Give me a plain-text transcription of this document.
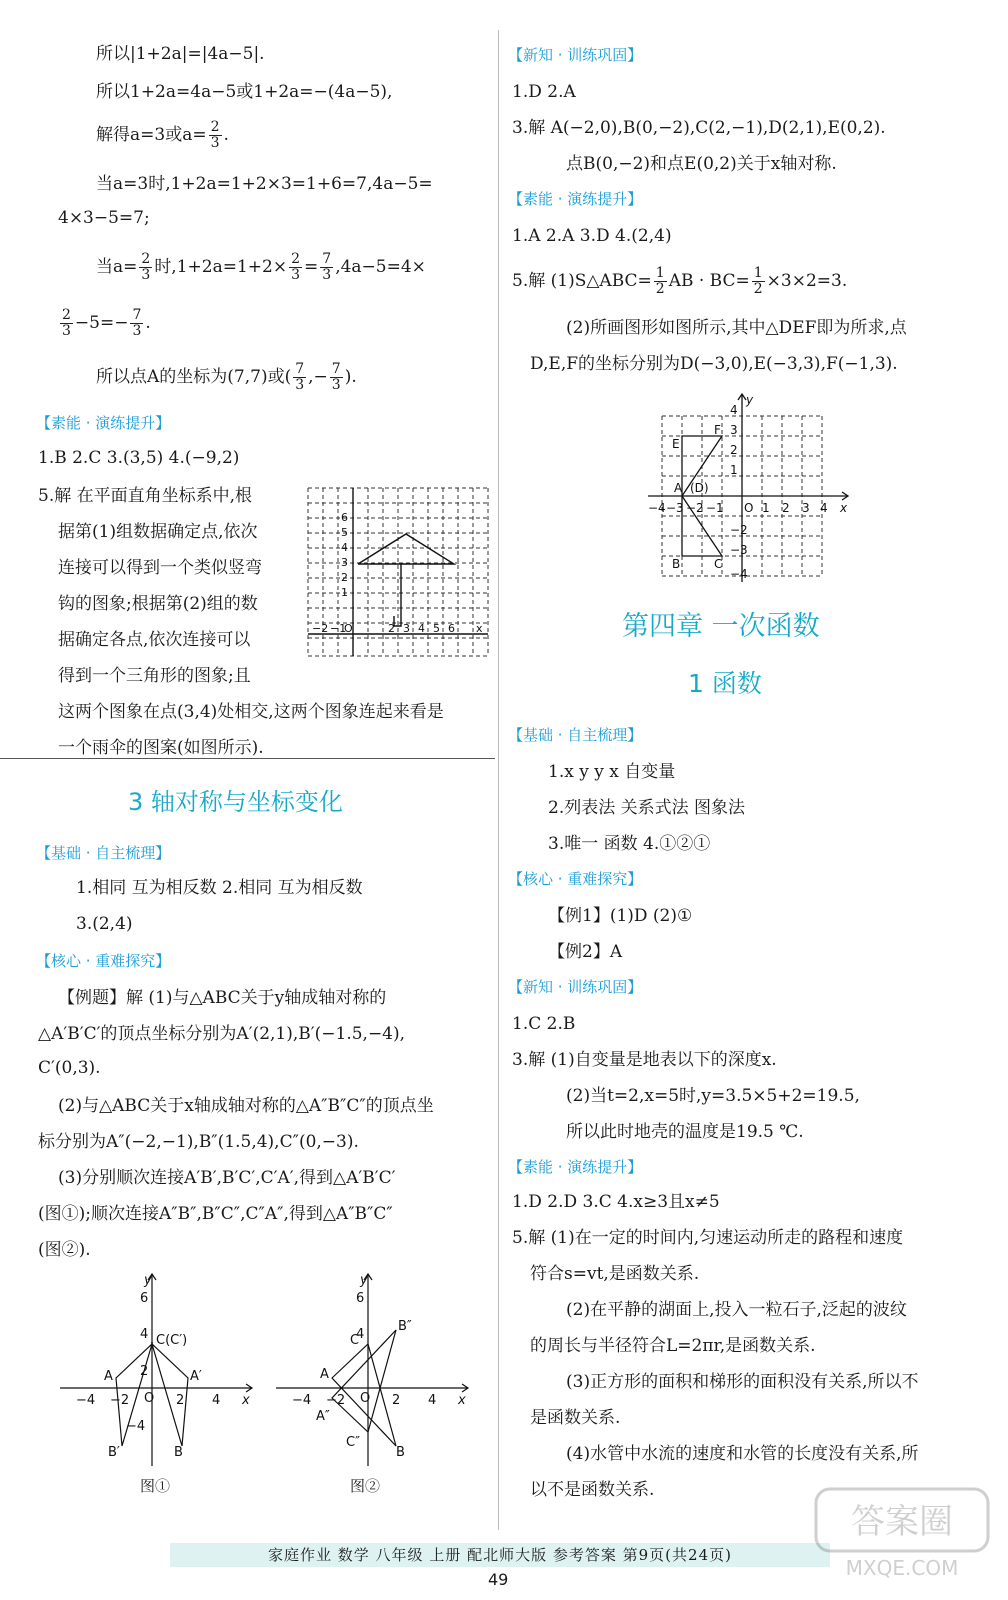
所以|1+2a|=|4a−5|.
所以1+2a=4a−5或1+2a=−(4a−5),
解得a=3或$a= \frac{2}{3}$ .
当a=3时,1+2a=1+2×3=1+6=7,4a−5=
4×3−5=7;
当$a= \frac{2}{3}$ 时$,1+2a=1+2\times \frac{2}{3} = \frac{7}{3} ,4a-5=4\times$
$\frac{2}{3} -5=- \frac{7}{3}$ .
所以点A的坐标为(7,7)或( $\frac{7}{3}$ ,− $\frac{7}{3}$ ).
【素能 · 演练提升】
1.B 2.C 3.(3,5) 4.(−9,2)
5.解 在平面直角坐标系中,根
据第(1)组数据确定点,依次
连接可以得到一个类似竖弯
钩的图象;根据第(2)组的数
据确定各点,依次连接可以
得到一个三角形的图象;且
这两个图象在点(3,4)处相交,这两个图象连起来看是
一个雨伞的图案(如图所示).
6
5
4
3
2
1
−2 −1
O	2 3 4 5 6 x
3 轴对称与坐标变化
【基础 · 自主梳理】
1.相同 互为相反数 2.相同 互为相反数
3.(2,4)
【核心 · 重难探究】
【例题】解 (1)与△ABC关于y轴成轴对称的
△A′B′C′的顶点坐标分别为A′(2,1),B′(−1.5,−4),
C′(0,3).
(2)与△ABC关于x轴成轴对称的△A″B″C″的顶点坐
标分别为A″(−2,−1),B″(1.5,4),C″(0,−3).
(3)分别顺次连接A′B′,B′C′,C′A′,得到△A′B′C′
(图①);顺次连接A″B″,B″C″,C″A″,得到△A″B″C″
(图②).
y
x
6
4
2
−4 −2 O 2 4
C(C′)
A	A′
B′
−4
B
图①
y
x
6
4
−4 −2 O 2 4
C
A
A″
B″
C″
B
图②
【新知 · 训练巩固】
1.D 2.A
3.解 A(−2,0),B(0,−2),C(2,−1),D(2,1),E(0,2).
点B(0,−2)和点E(0,2)关于x轴对称.
【素能 · 演练提升】
1.A 2.A 3.D 4.(2,4)
5.解 (1)S△ABC= $\frac{1}{2}$ AB · $BC= \frac{1}{2} \times 3\times 2=3$.
(2)所画图形如图所示,其中△DEF即为所求,点
D,E,F的坐标分别为D(−3,0),E(−3,3),F(−1,3).
y
x
4
3
2
1
−2
−3
−4
−4 −3 −2 −1 O 1 2 3 4
E
F
A (D)
B	C
第四章 一次函数
1 函数
【基础 · 自主梳理】
1.x y y x 自变量
2.列表法 关系式法 图象法
3.唯一 函数 4.①②①
【核心 · 重难探究】
【例1】(1)D (2)①
【例2】A
【新知 · 训练巩固】
1.C 2.B
3.解 (1)自变量是地表以下的深度x.
(2)当t=2,x=5时,y=3.5×5+2=19.5,
所以此时地壳的温度是19.5 ℃.
【素能 · 演练提升】
1.D 2.D 3.C 4.x≥3且x≠5
5.解 (1)在一定的时间内,匀速运动所走的路程和速度
符合s=vt,是函数关系.
(2)在平静的湖面上,投入一粒石子,泛起的波纹
的周长与半径符合L=2πr,是函数关系.
(3)正方形的面积和梯形的面积没有关系,所以不
是函数关系.
(4)水管中水流的速度和水管的长度没有关系,所
以不是函数关系.
家庭作业 数学 八年级 上册 配北师大版 参考答案 第9页(共24页)
49
答案圈
MXQE.COM
